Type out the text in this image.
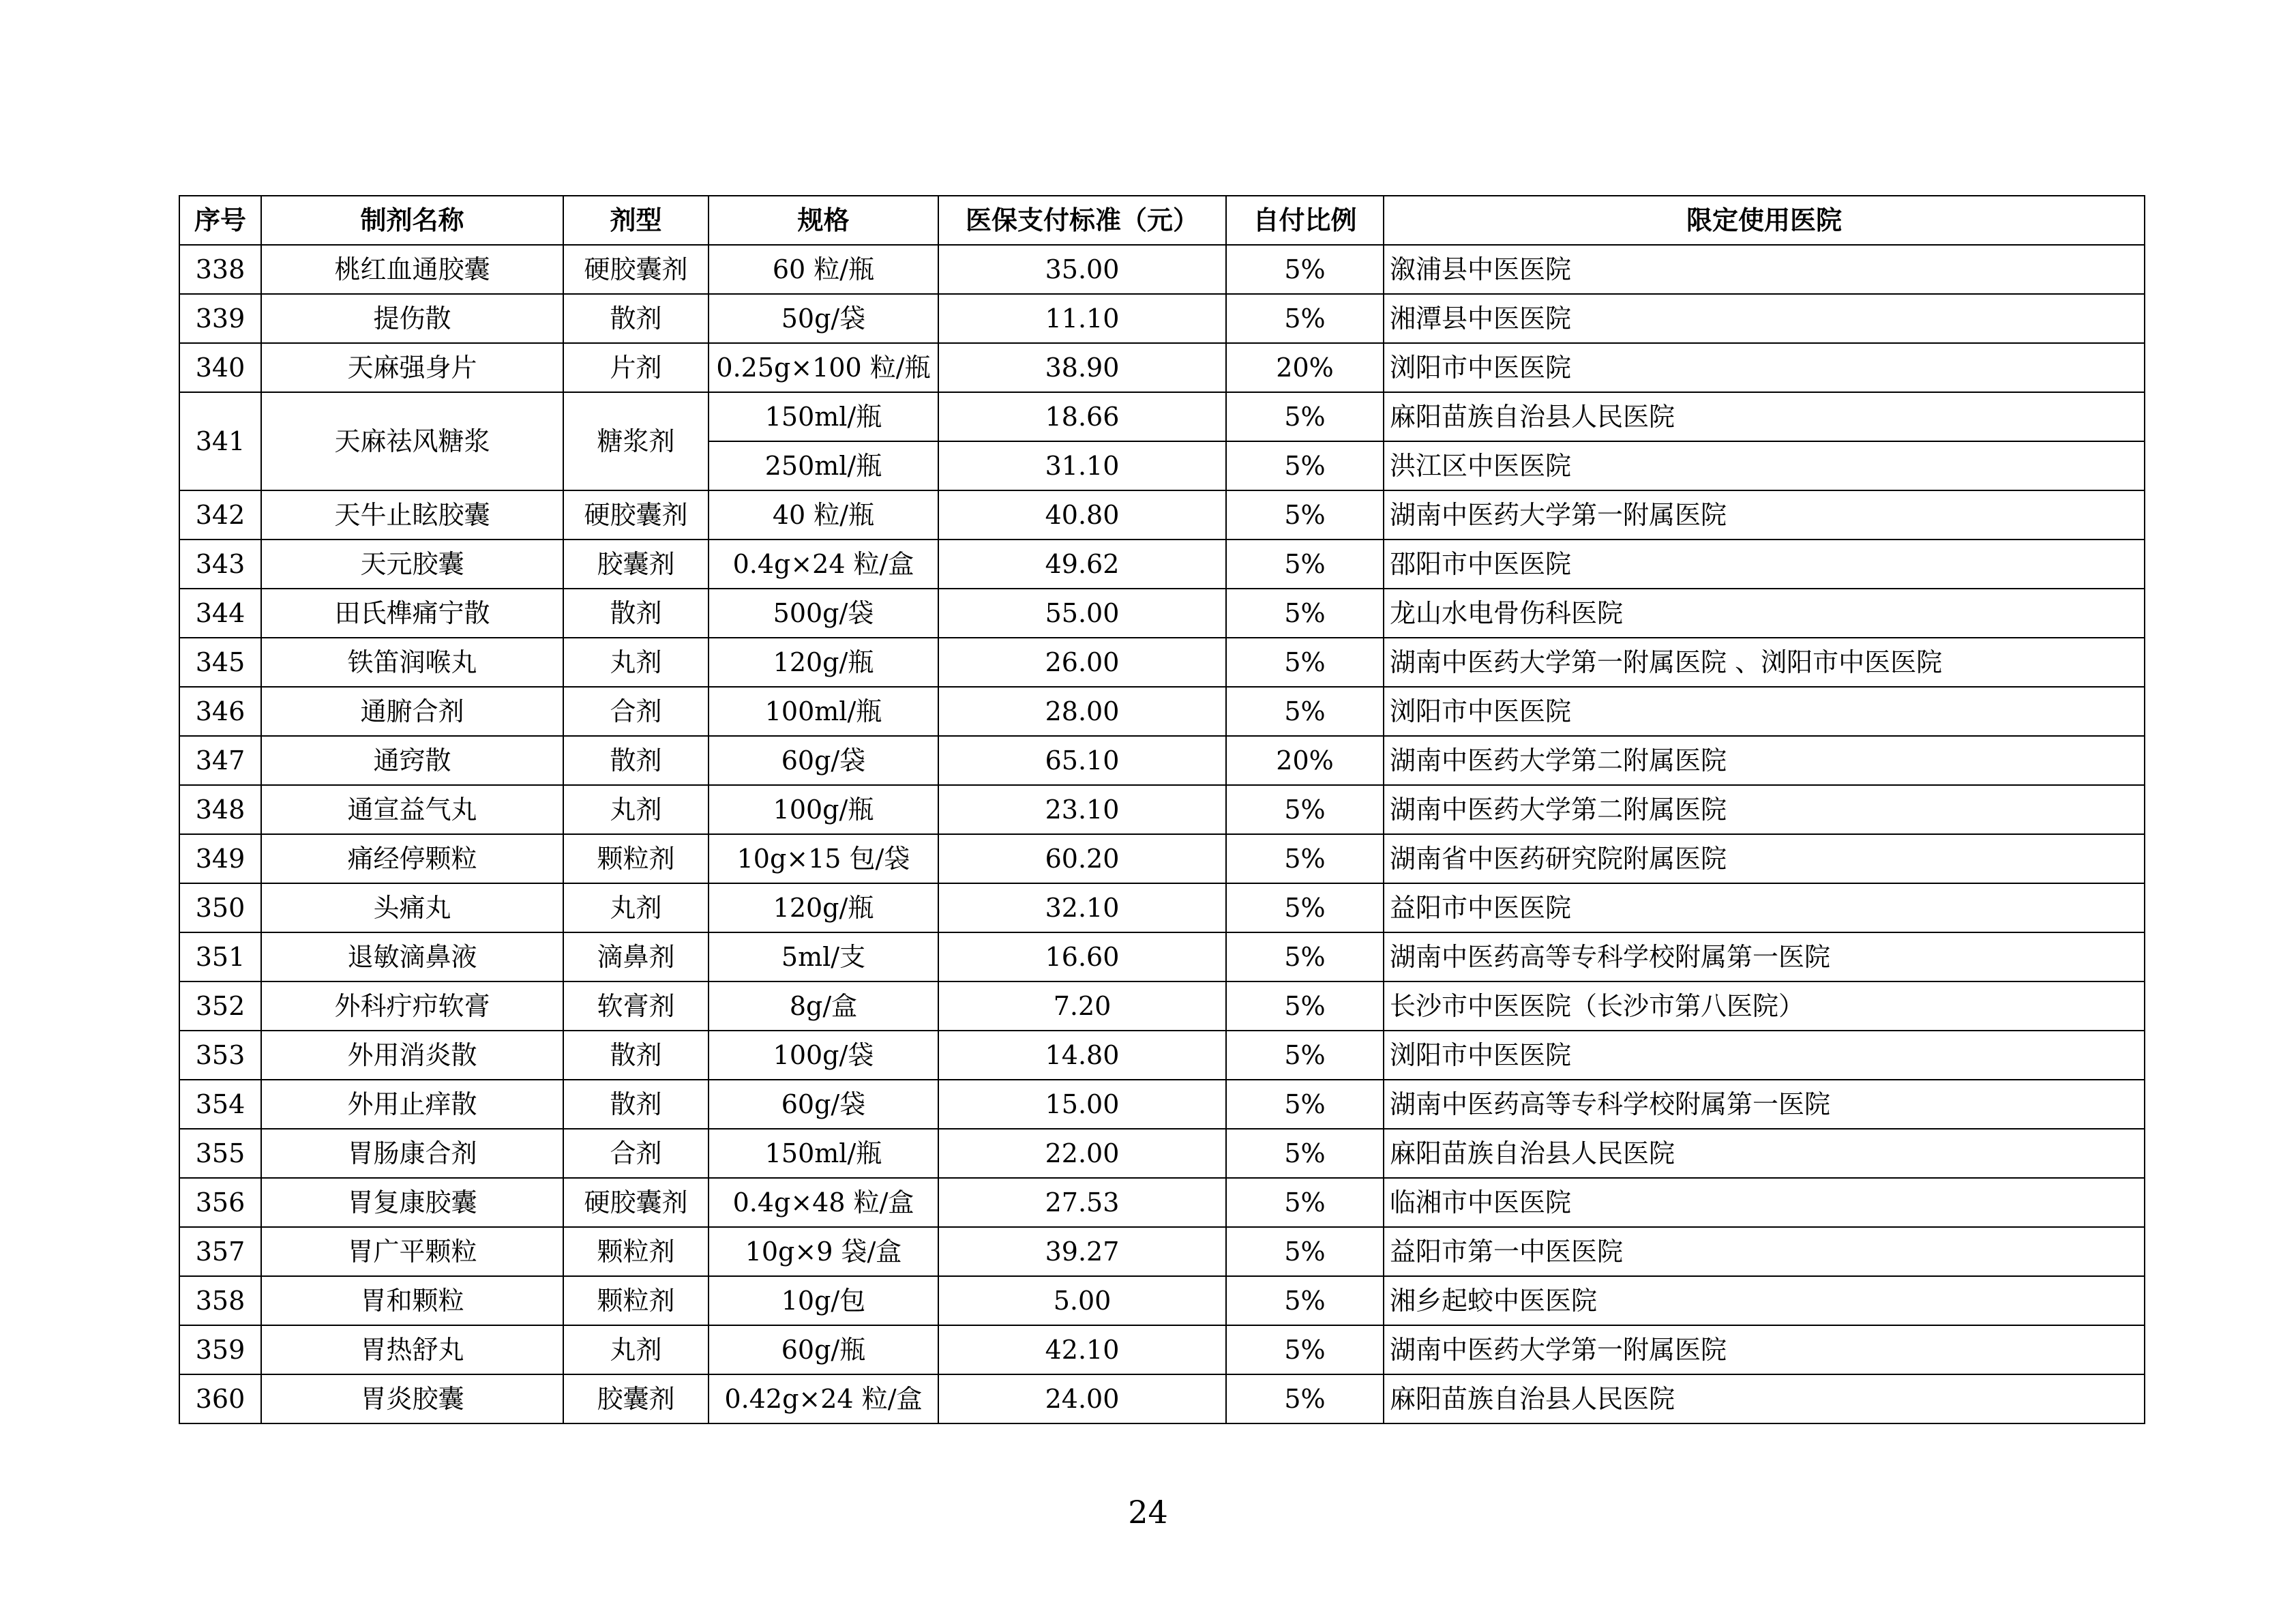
序号	制剂名称	剂型	规格	医保支付标准（元）	自付比例	限定使用医院
338	桃红血通胶囊	硬胶囊剂	60 粒/瓶	35.00	5%	溆浦县中医医院
339	提伤散	散剂	50g/袋	11.10	5%	湘潭县中医医院
340	天麻强身片	片剂	0.25g×100 粒/瓶	38.90	20%	浏阳市中医医院
341	天麻祛风糖浆	糖浆剂	150ml/瓶	18.66	5%	麻阳苗族自治县人民医院
			250ml/瓶	31.10	5%	洪江区中医医院
342	天牛止眩胶囊	硬胶囊剂	40 粒/瓶	40.80	5%	湖南中医药大学第一附属医院
343	天元胶囊	胶囊剂	0.4g×24 粒/盒	49.62	5%	邵阳市中医医院
344	田氏榫痛宁散	散剂	500g/袋	55.00	5%	龙山水电骨伤科医院
345	铁笛润喉丸	丸剂	120g/瓶	26.00	5%	湖南中医药大学第一附属医院 、浏阳市中医医院
346	通腑合剂	合剂	100ml/瓶	28.00	5%	浏阳市中医医院
347	通窍散	散剂	60g/袋	65.10	20%	湖南中医药大学第二附属医院
348	通宣益气丸	丸剂	100g/瓶	23.10	5%	湖南中医药大学第二附属医院
349	痛经停颗粒	颗粒剂	10g×15 包/袋	60.20	5%	湖南省中医药研究院附属医院
350	头痛丸	丸剂	120g/瓶	32.10	5%	益阳市中医医院
351	退敏滴鼻液	滴鼻剂	5ml/支	16.60	5%	湖南中医药高等专科学校附属第一医院
352	外科疔疖软膏	软膏剂	8g/盒	7.20	5%	长沙市中医医院（长沙市第八医院）
353	外用消炎散	散剂	100g/袋	14.80	5%	浏阳市中医医院
354	外用止痒散	散剂	60g/袋	15.00	5%	湖南中医药高等专科学校附属第一医院
355	胃肠康合剂	合剂	150ml/瓶	22.00	5%	麻阳苗族自治县人民医院
356	胃复康胶囊	硬胶囊剂	0.4g×48 粒/盒	27.53	5%	临湘市中医医院
357	胃广平颗粒	颗粒剂	10g×9 袋/盒	39.27	5%	益阳市第一中医医院
358	胃和颗粒	颗粒剂	10g/包	5.00	5%	湘乡起蛟中医医院
359	胃热舒丸	丸剂	60g/瓶	42.10	5%	湖南中医药大学第一附属医院
360	胃炎胶囊	胶囊剂	0.42g×24 粒/盒	24.00	5%	麻阳苗族自治县人民医院
24
